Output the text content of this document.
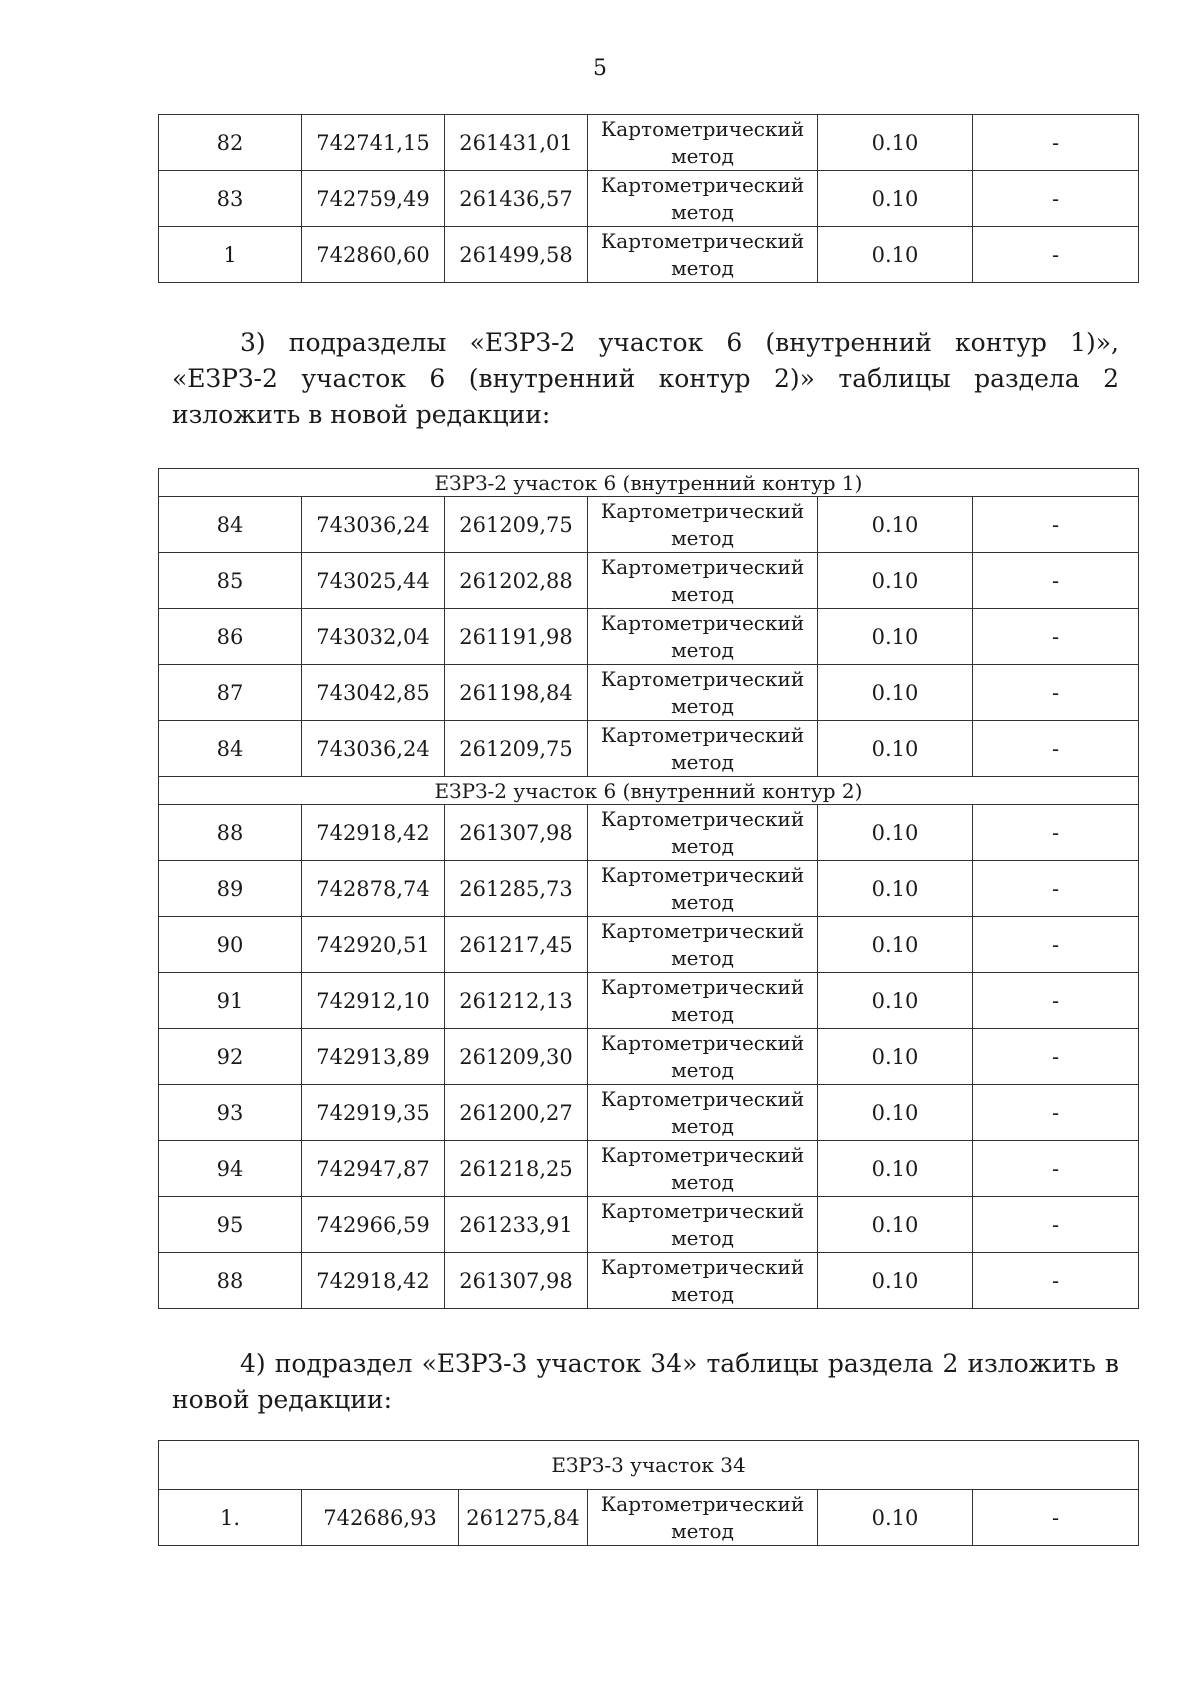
5
82	742741,15	261431,01	Картометрический
метод	0.10	-
83	742759,49	261436,57	Картометрический
метод	0.10	-
1	742860,60	261499,58	Картометрический
метод	0.10	-
3) подразделы «ЕЗРЗ-2 участок 6 (внутренний контур 1)», «ЕЗРЗ-2 участок 6 (внутренний контур 2)» таблицы раздела 2 изложить в новой редакции:
ЕЗРЗ-2 участок 6 (внутренний контур 1)					
84	743036,24	261209,75	Картометрический
метод	0.10	-
85	743025,44	261202,88	Картометрический
метод	0.10	-
86	743032,04	261191,98	Картометрический
метод	0.10	-
87	743042,85	261198,84	Картометрический
метод	0.10	-
84	743036,24	261209,75	Картометрический
метод	0.10	-
ЕЗРЗ-2 участок 6 (внутренний контур 2)					
88	742918,42	261307,98	Картометрический
метод	0.10	-
89	742878,74	261285,73	Картометрический
метод	0.10	-
90	742920,51	261217,45	Картометрический
метод	0.10	-
91	742912,10	261212,13	Картометрический
метод	0.10	-
92	742913,89	261209,30	Картометрический
метод	0.10	-
93	742919,35	261200,27	Картометрический
метод	0.10	-
94	742947,87	261218,25	Картометрический
метод	0.10	-
95	742966,59	261233,91	Картометрический
метод	0.10	-
88	742918,42	261307,98	Картометрический
метод	0.10	-
4) подраздел «ЕЗРЗ-3 участок 34» таблицы раздела 2 изложить в новой редакции:
ЕЗРЗ-3 участок 34
1.	742686,93	261275,84	
Картометрический
метод
	0.10	-
